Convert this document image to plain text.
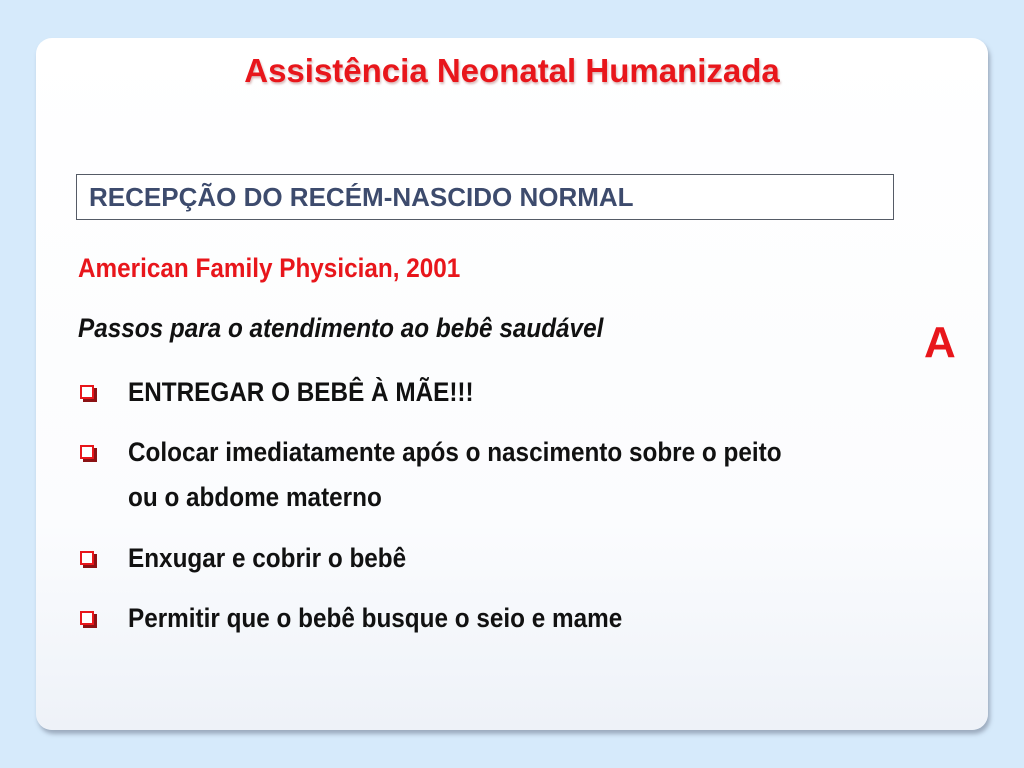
Assistência Neonatal Humanizada
RECEPÇÃO DO RECÉM-NASCIDO NORMAL
American Family Physician, 2001
Passos para o atendimento ao bebê saudável	A
ENTREGAR O BEBÊ À MÃE!!!
Colocar imediatamente após o nascimento sobre o peito
ou o abdome materno
Enxugar e cobrir o bebê
Permitir que o bebê busque o seio e mame
